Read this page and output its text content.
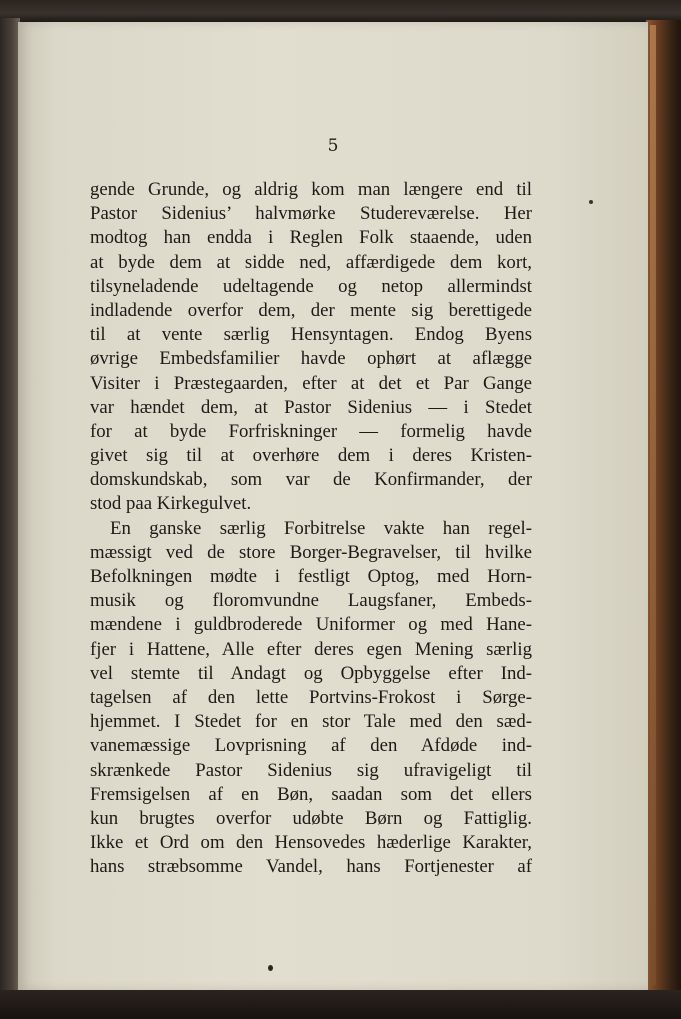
5

gende Grunde, og aldrig kom man længere end til
Pastor Sidenius’ halvmørke Studereværelse. Her
modtog han endda i Reglen Folk staaende, uden
at byde dem at sidde ned, affærdigede dem kort,
tilsyneladende udeltagende og netop allermindst
indladende overfor dem, der mente sig berettigede
til at vente særlig Hensyntagen. Endog Byens
øvrige Embedsfamilier havde ophørt at aflægge
Visiter i Præstegaarden, efter at det et Par Gange
var hændet dem, at Pastor Sidenius — i Stedet
for at byde Forfriskninger — formelig havde
givet sig til at overhøre dem i deres Kristen-
domskundskab, som var de Konfirmander, der
stod paa Kirkegulvet.
En ganske særlig Forbitrelse vakte han regel-
mæssigt ved de store Borger-Begravelser, til hvilke
Befolkningen mødte i festligt Optog, med Horn-
musik og floromvundne Laugsfaner, Embeds-
mændene i guldbroderede Uniformer og med Hane-
fjer i Hattene, Alle efter deres egen Mening særlig
vel stemte til Andagt og Opbyggelse efter Ind-
tagelsen af den lette Portvins-Frokost i Sørge-
hjemmet. I Stedet for en stor Tale med den sæd-
vanemæssige Lovprisning af den Afdøde ind-
skrænkede Pastor Sidenius sig ufravigeligt til
Fremsigelsen af en Bøn, saadan som det ellers
kun brugtes overfor udøbte Børn og Fattiglig.
Ikke et Ord om den Hensovedes hæderlige Karakter,
hans stræbsomme Vandel, hans Fortjenester af
